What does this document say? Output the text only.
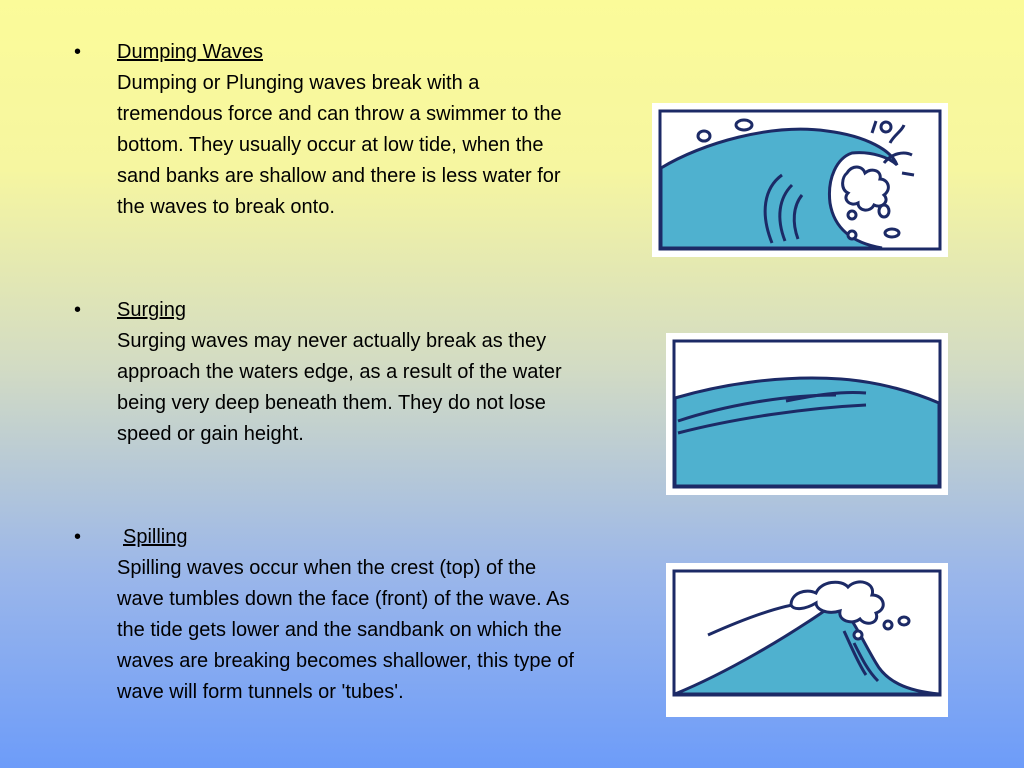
• Dumping Waves
Dumping or Plunging waves break with a tremendous force and can throw a swimmer to the bottom. They usually occur at low tide, when the sand banks are shallow and there is less water for the waves to break onto.
• Surging
Surging waves may never actually break as they approach the waters edge, as a result of the water being very deep beneath them. They do not lose speed or gain height.
• Spilling
Spilling waves occur when the crest (top) of the wave tumbles down the face (front) of the wave. As the tide gets lower and the sandbank on which the waves are breaking becomes shallower, this type of wave will form tunnels or 'tubes'.
